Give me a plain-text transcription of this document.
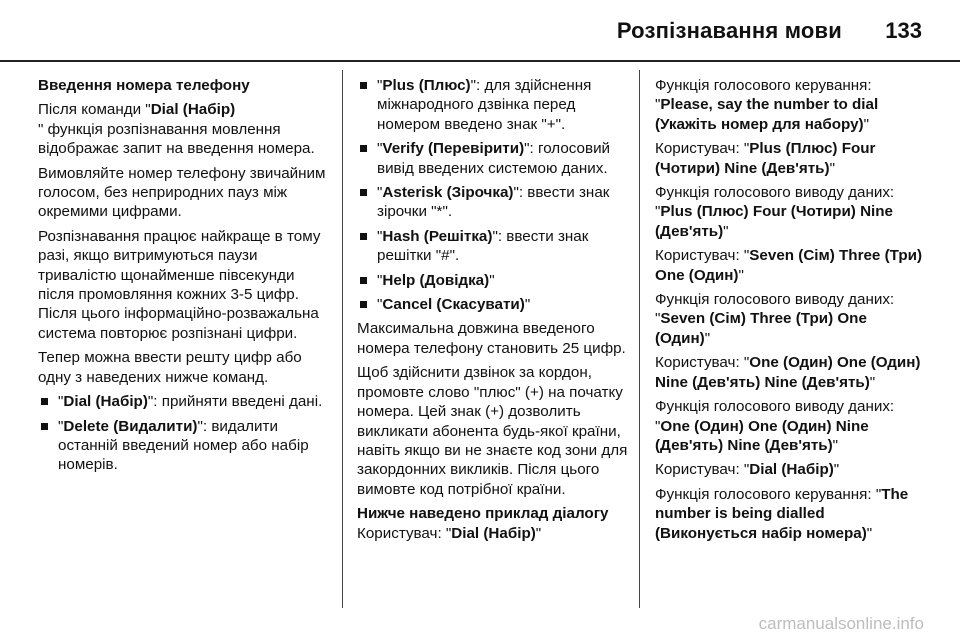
Розпізнавання мови 133

Введення номера телефону

Після команди "Dial (Набір)
" функція розпізнавання мовлення відображає запит на введення номера.

Вимовляйте номер телефону звичайним голосом, без неприродних пауз між окремими цифрами.

Розпізнавання працює найкраще в тому разі, якщо витримуються паузи тривалістю щонайменше півсекунди після промовляння кожних 3-5 цифр. Після цього інформаційно-розважальна система повторює розпізнані цифри.

Тепер можна ввести решту цифр або одну з наведених нижче команд.

"Dial (Набір)": прийняти введені дані.
"Delete (Видалити)": видалити останній введений номер або набір номерів.
"Plus (Плюс)": для здійснення міжнародного дзвінка перед номером введено знак "+".
"Verify (Перевірити)": голосовий вивід введених системою даних.
"Asterisk (Зірочка)": ввести знак зірочки "*".
"Hash (Решітка)": ввести знак решітки "#".
"Help (Довідка)"
"Cancel (Скасувати)"

Максимальна довжина введеного номера телефону становить 25 цифр.

Щоб здійснити дзвінок за кордон, промовте слово "плюс" (+) на початку номера. Цей знак (+) дозволить викликати абонента будь-якої країни, навіть якщо ви не знаєте код зони для закордонних викликів. Після цього вимовте код потрібної країни.

Нижче наведено приклад діалогу
Користувач: "Dial (Набір)"

Функція голосового керування: "Please, say the number to dial (Укажіть номер для набору)"

Користувач: "Plus (Плюс) Four (Чотири) Nine (Дев'ять)"

Функція голосового виводу даних: "Plus (Плюс) Four (Чотири) Nine (Дев'ять)"

Користувач: "Seven (Сім) Three (Три) One (Один)"

Функція голосового виводу даних: "Seven (Сім) Three (Три) One (Один)"

Користувач: "One (Один) One (Один) Nine (Дев'ять) Nine (Дев'ять)"

Функція голосового виводу даних: "One (Один) One (Один) Nine (Дев'ять) Nine (Дев'ять)"

Користувач: "Dial (Набір)"

Функція голосового керування: "The number is being dialled (Виконується набір номера)"

carmanualsonline.info
